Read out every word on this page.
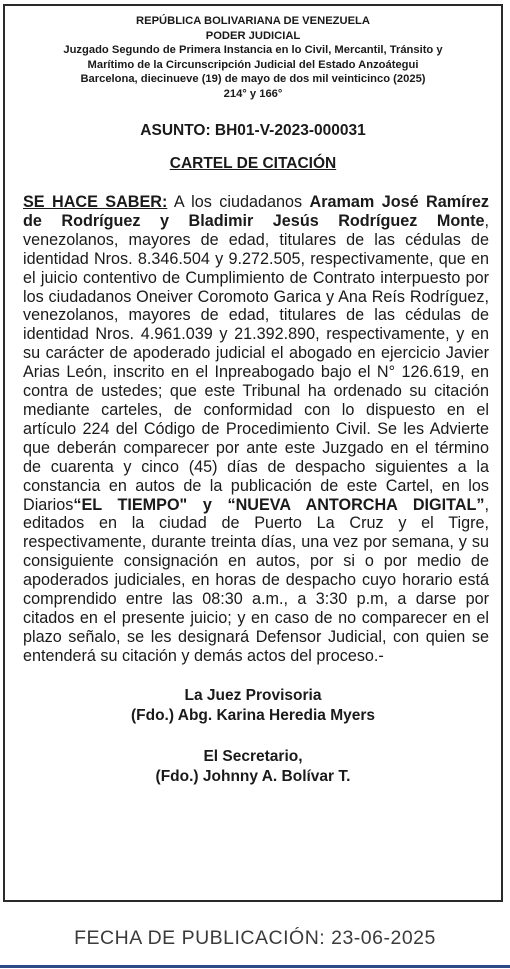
REPÚBLICA BOLIVARIANA DE VENEZUELA
PODER JUDICIAL
Juzgado Segundo de Primera Instancia en lo Civil, Mercantil, Tránsito y
Marítimo de la Circunscripción Judicial del Estado Anzoátegui
Barcelona, diecinueve (19) de mayo de dos mil veinticinco (2025)
214° y 166°
ASUNTO: BH01-V-2023-000031
CARTEL DE CITACIÓN
SE HACE SABER: A los ciudadanos Aramam José Ramírez de Rodríguez y Bladimir Jesús Rodríguez Monte, venezolanos, mayores de edad, titulares de las cédulas de identidad Nros. 8.346.504 y 9.272.505, respectivamente, que en el juicio contentivo de Cumplimiento de Contrato interpuesto por los ciudadanos Oneiver Coromoto Garica y Ana Reís Rodríguez, venezolanos, mayores de edad, titulares de las cédulas de identidad Nros. 4.961.039 y 21.392.890, respectivamente, y en su carácter de apoderado judicial el abogado en ejercicio Javier Arias León, inscrito en el Inpreabogado bajo el N° 126.619, en contra de ustedes; que este Tribunal ha ordenado su citación mediante carteles, de conformidad con lo dispuesto en el artículo 224 del Código de Procedimiento Civil. Se les Advierte que deberán comparecer por ante este Juzgado en el término de cuarenta y cinco (45) días de despacho siguientes a la constancia en autos de la publicación de este Cartel, en los Diarios“EL TIEMPO" y “NUEVA ANTORCHA DIGITAL”, editados en la ciudad de Puerto La Cruz y el Tigre, respectivamente, durante treinta días, una vez por semana, y su consiguiente consignación en autos, por si o por medio de apoderados judiciales, en horas de despacho cuyo horario está comprendido entre las 08:30 a.m., a 3:30 p.m, a darse por citados en el presente juicio; y en caso de no comparecer en el plazo señalo, se les designará Defensor Judicial, con quien se entenderá su citación y demás actos del proceso.-
La Juez Provisoria
(Fdo.) Abg. Karina Heredia Myers
El Secretario,
(Fdo.) Johnny A. Bolívar T.
FECHA DE PUBLICACIÓN: 23-06-2025
